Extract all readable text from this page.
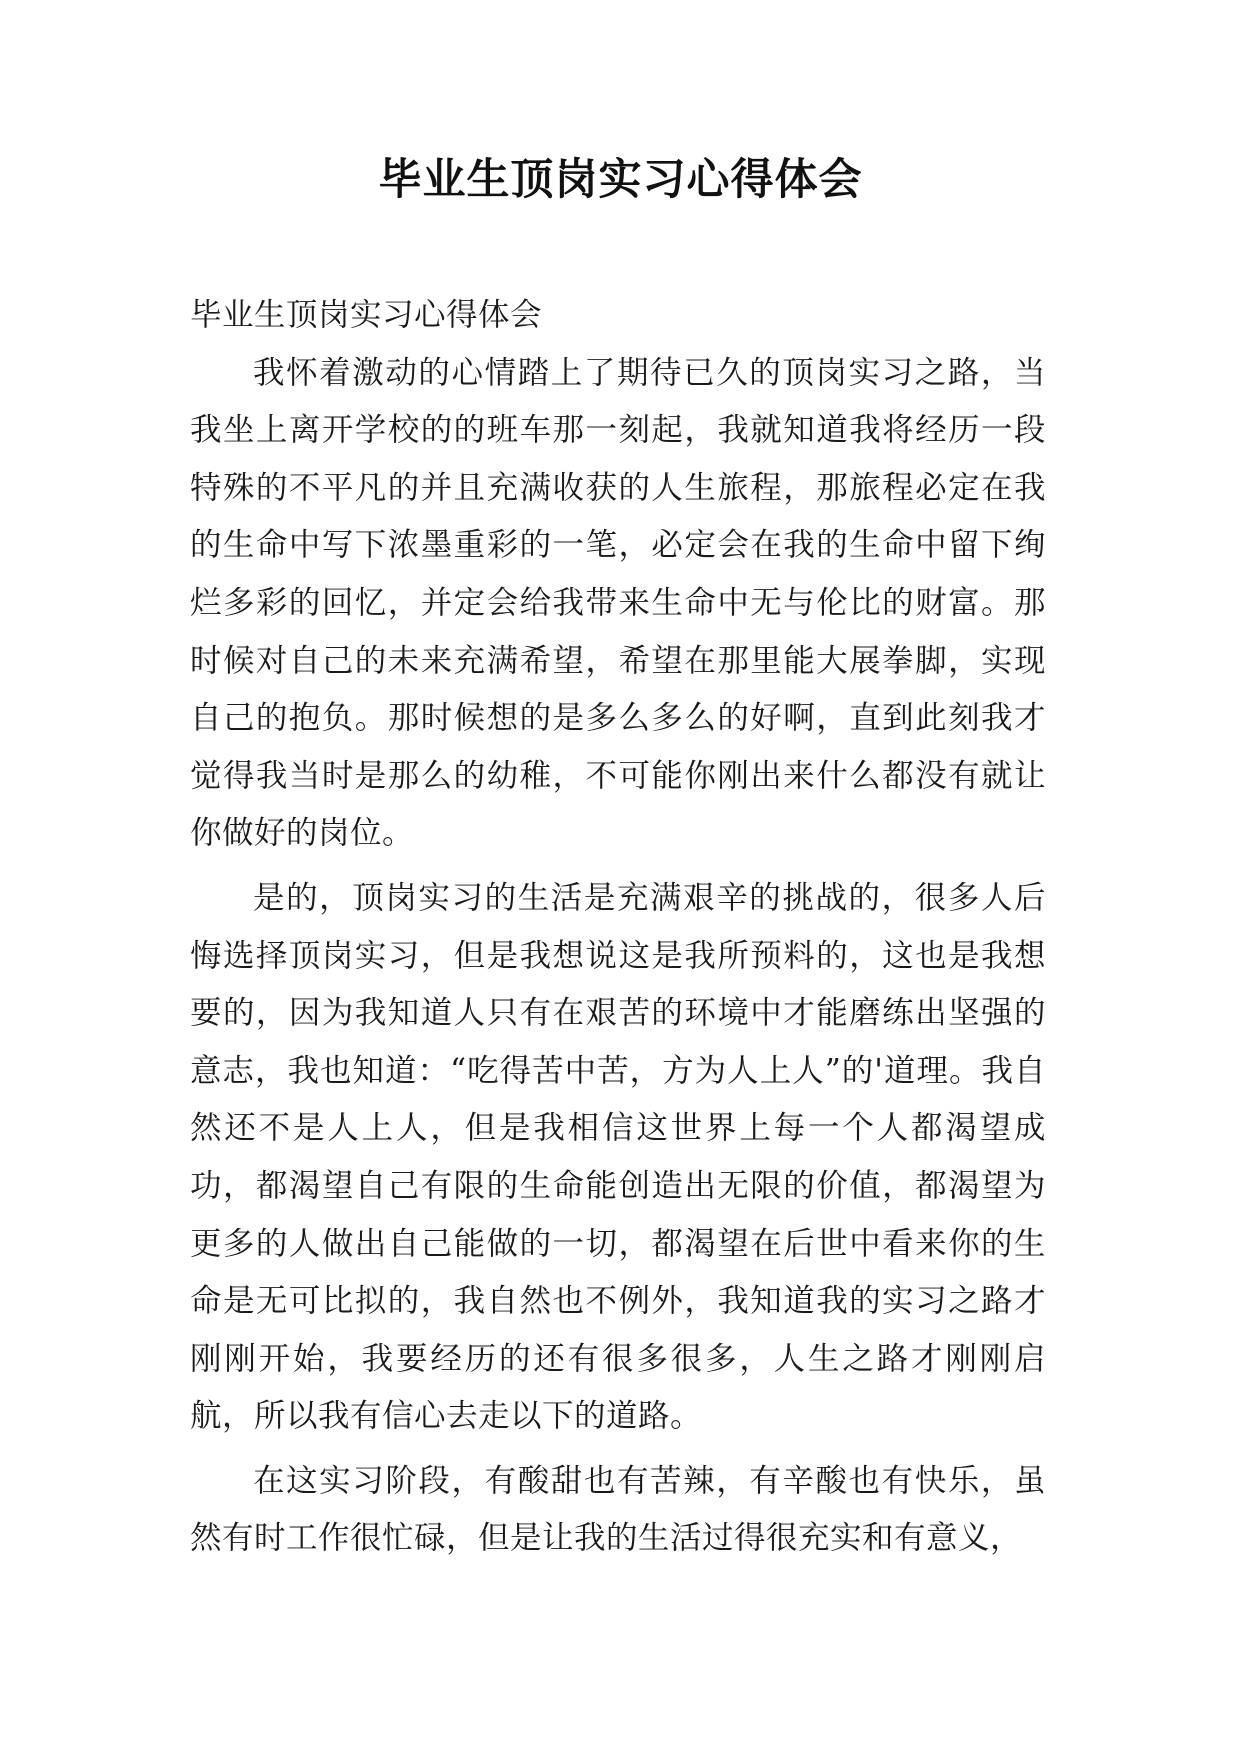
毕业生顶岗实习心得体会

毕业生顶岗实习心得体会

我怀着激动的心情踏上了期待已久的顶岗实习之路，当我坐上离开学校的的班车那一刻起，我就知道我将经历一段特殊的不平凡的并且充满收获的人生旅程，那旅程必定在我的生命中写下浓墨重彩的一笔，必定会在我的生命中留下绚烂多彩的回忆，并定会给我带来生命中无与伦比的财富。那时候对自己的未来充满希望，希望在那里能大展拳脚，实现自己的抱负。那时候想的是多么多么的好啊，直到此刻我才觉得我当时是那么的幼稚，不可能你刚出来什么都没有就让你做好的岗位。

是的，顶岗实习的生活是充满艰辛的挑战的，很多人后悔选择顶岗实习，但是我想说这是我所预料的，这也是我想要的，因为我知道人只有在艰苦的环境中才能磨练出坚强的意志，我也知道：“吃得苦中苦，方为人上人”的'道理。我自然还不是人上人，但是我相信这世界上每一个人都渴望成功，都渴望自己有限的生命能创造出无限的价值，都渴望为更多的人做出自己能做的一切，都渴望在后世中看来你的生命是无可比拟的，我自然也不例外，我知道我的实习之路才刚刚开始，我要经历的还有很多很多，人生之路才刚刚启航，所以我有信心去走以下的道路。

在这实习阶段，有酸甜也有苦辣，有辛酸也有快乐，虽然有时工作很忙碌，但是让我的生活过得很充实和有意义，
